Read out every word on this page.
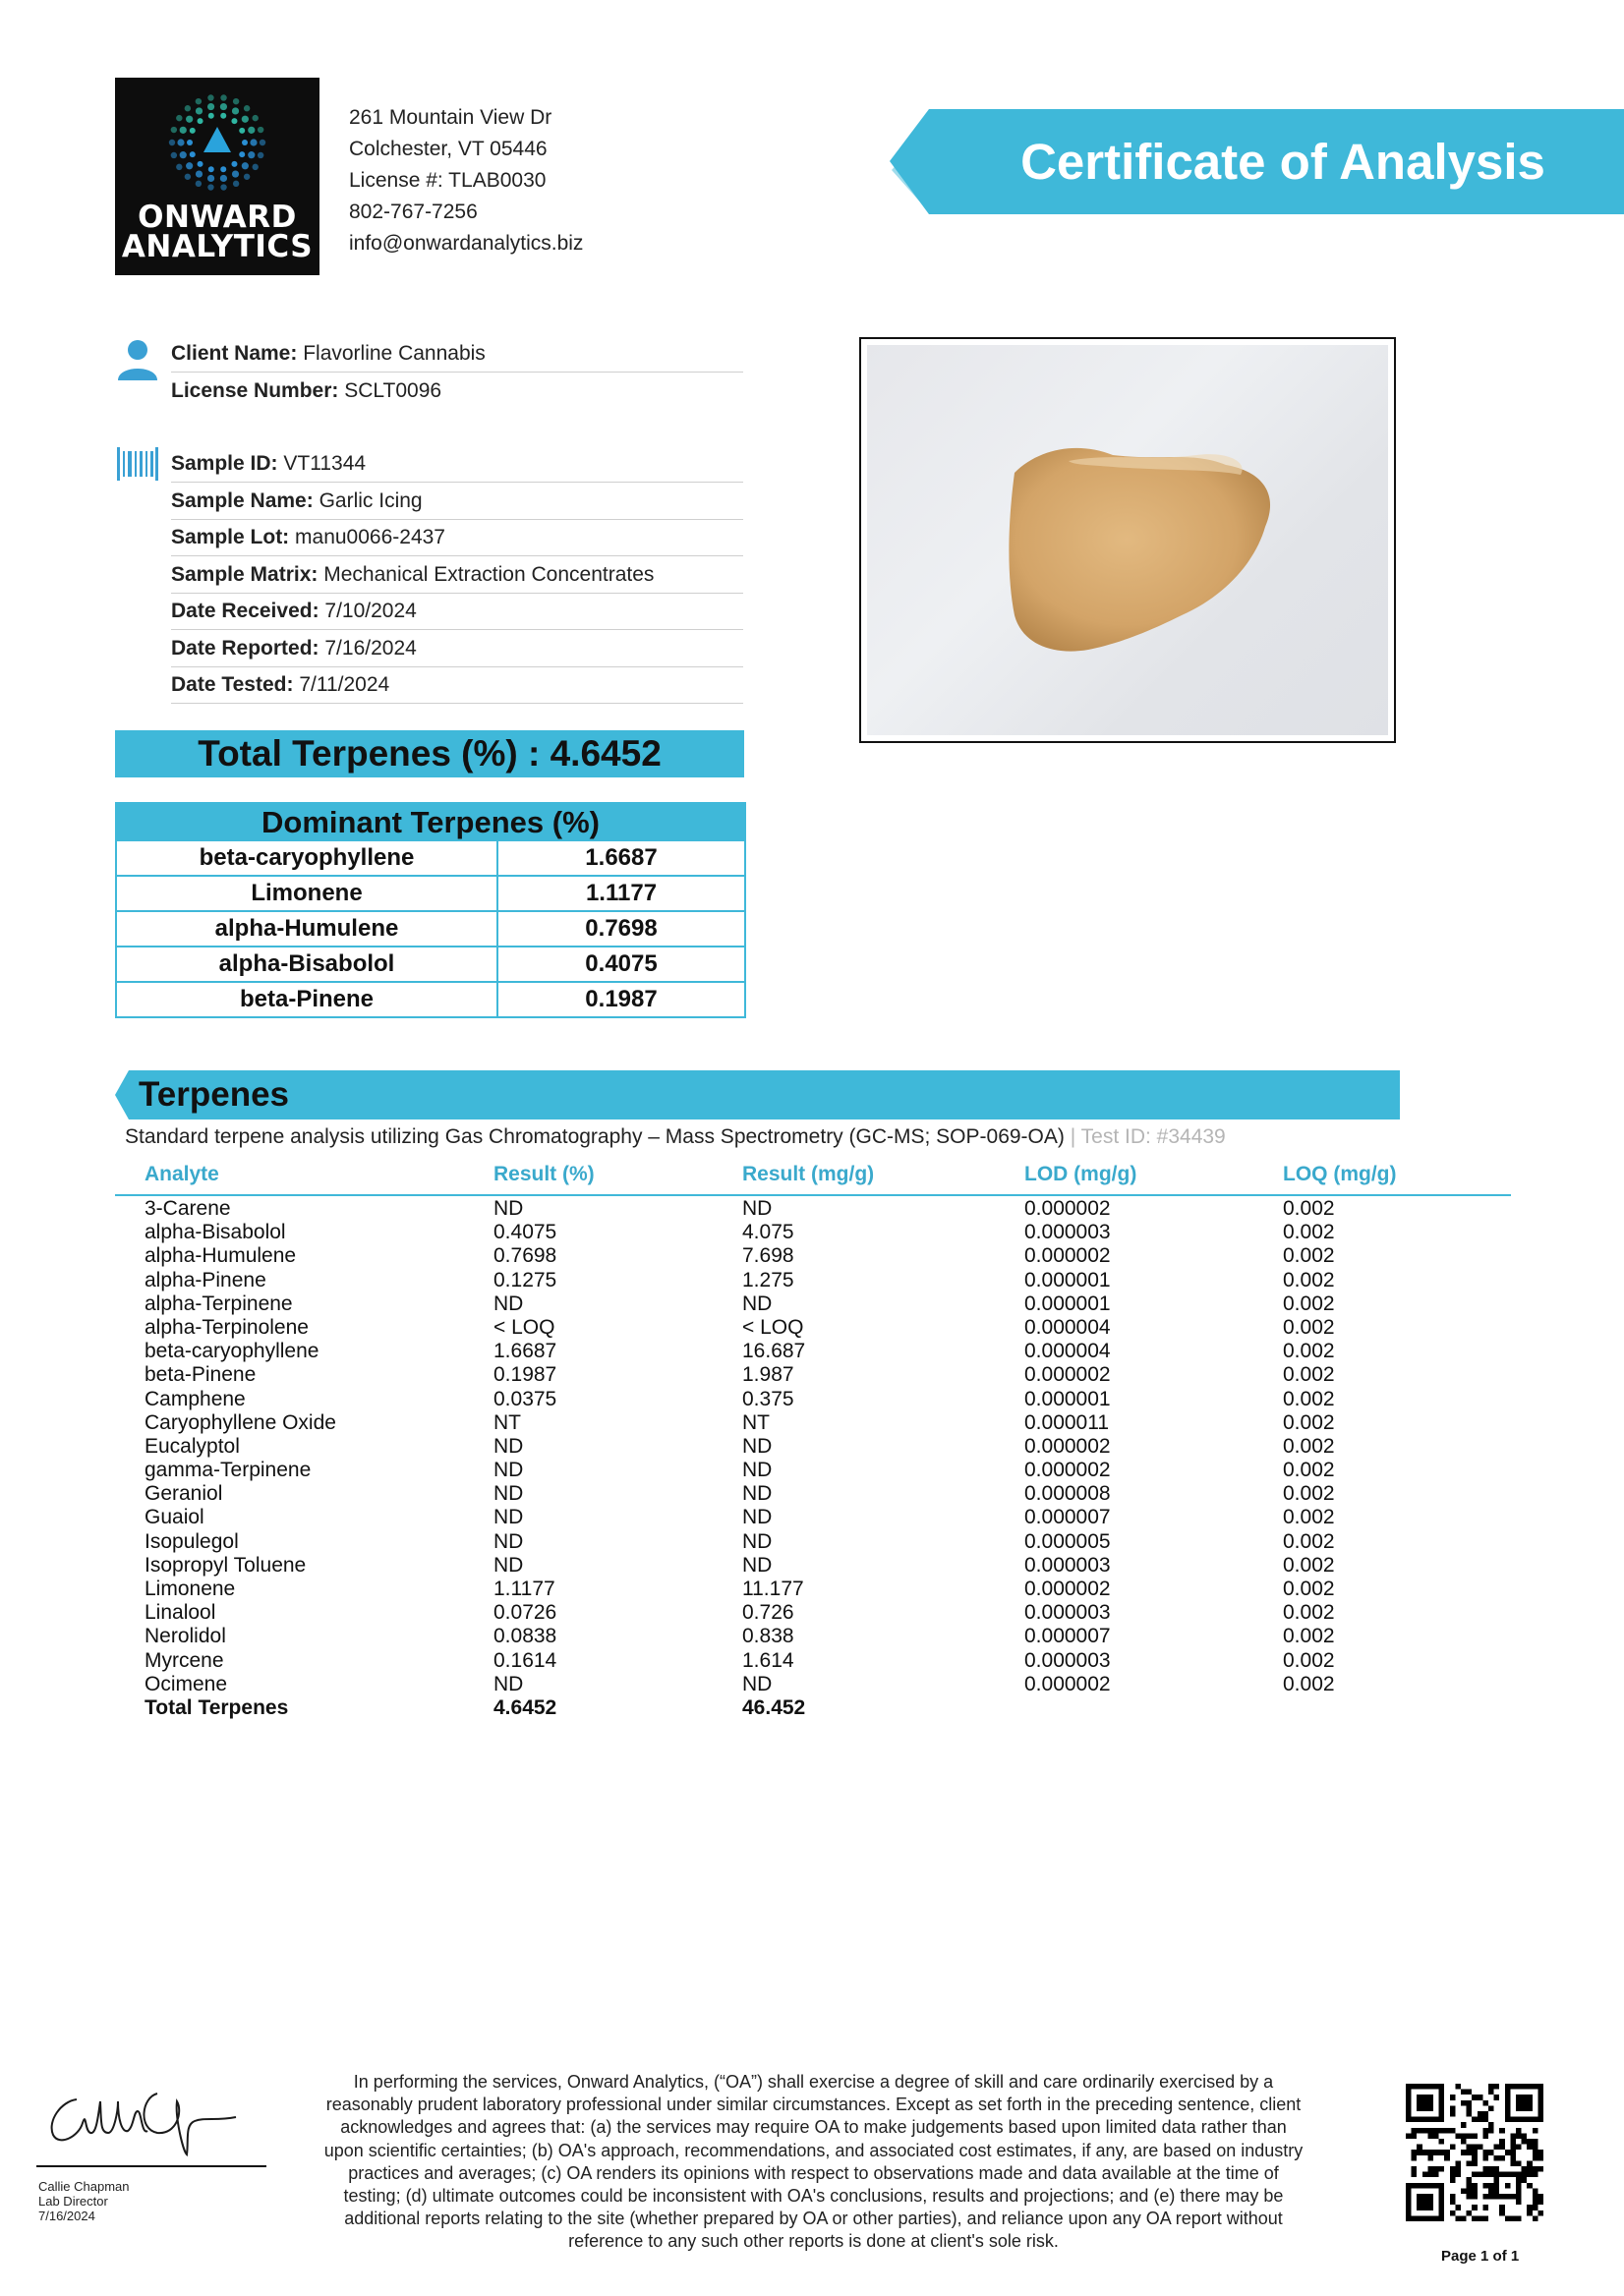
ONWARD
ANALYTICS
261 Mountain View Dr
Colchester, VT 05446
License #: TLAB0030
802-767-7256
info@onwardanalytics.biz
Certificate of Analysis
Client Name: Flavorline Cannabis
License Number: SCLT0096
Sample ID: VT11344
Sample Name: Garlic Icing
Sample Lot: manu0066-2437
Sample Matrix: Mechanical Extraction Concentrates
Date Received: 7/10/2024
Date Reported: 7/16/2024
Date Tested: 7/11/2024
Total Terpenes (%) : 4.6452
Dominant Terpenes (%)
beta-caryophyllene	1.6687
Limonene	1.1177
alpha-Humulene	0.7698
alpha-Bisabolol	0.4075
beta-Pinene	0.1987
Terpenes
Standard terpene analysis utilizing Gas Chromatography – Mass Spectrometry (GC-MS; SOP-069-OA) | Test ID: #34439
Analyte	Result (%)	Result (mg/g)	LOD (mg/g)	LOQ (mg/g)
3-Carene	ND	ND	0.000002	0.002
alpha-Bisabolol	0.4075	4.075	0.000003	0.002
alpha-Humulene	0.7698	7.698	0.000002	0.002
alpha-Pinene	0.1275	1.275	0.000001	0.002
alpha-Terpinene	ND	ND	0.000001	0.002
alpha-Terpinolene	< LOQ	< LOQ	0.000004	0.002
beta-caryophyllene	1.6687	16.687	0.000004	0.002
beta-Pinene	0.1987	1.987	0.000002	0.002
Camphene	0.0375	0.375	0.000001	0.002
Caryophyllene Oxide	NT	NT	0.000011	0.002
Eucalyptol	ND	ND	0.000002	0.002
gamma-Terpinene	ND	ND	0.000002	0.002
Geraniol	ND	ND	0.000008	0.002
Guaiol	ND	ND	0.000007	0.002
Isopulegol	ND	ND	0.000005	0.002
Isopropyl Toluene	ND	ND	0.000003	0.002
Limonene	1.1177	11.177	0.000002	0.002
Linalool	0.0726	0.726	0.000003	0.002
Nerolidol	0.0838	0.838	0.000007	0.002
Myrcene	0.1614	1.614	0.000003	0.002
Ocimene	ND	ND	0.000002	0.002
Total Terpenes	4.6452	46.452
Callie Chapman
Lab Director
7/16/2024
In performing the services, Onward Analytics, (“OA”) shall exercise a degree of skill and care ordinarily exercised by a
reasonably prudent laboratory professional under similar circumstances. Except as set forth in the preceding sentence, client
acknowledges and agrees that: (a) the services may require OA to make judgements based upon limited data rather than
upon scientific certainties; (b) OA's approach, recommendations, and associated cost estimates, if any, are based on industry
practices and averages; (c) OA renders its opinions with respect to observations made and data available at the time of
testing; (d) ultimate outcomes could be inconsistent with OA's conclusions, results and projections; and (e) there may be
additional reports relating to the site (whether prepared by OA or other parties), and reliance upon any OA report without
reference to any such other reports is done at client's sole risk.
Page 1 of 1
